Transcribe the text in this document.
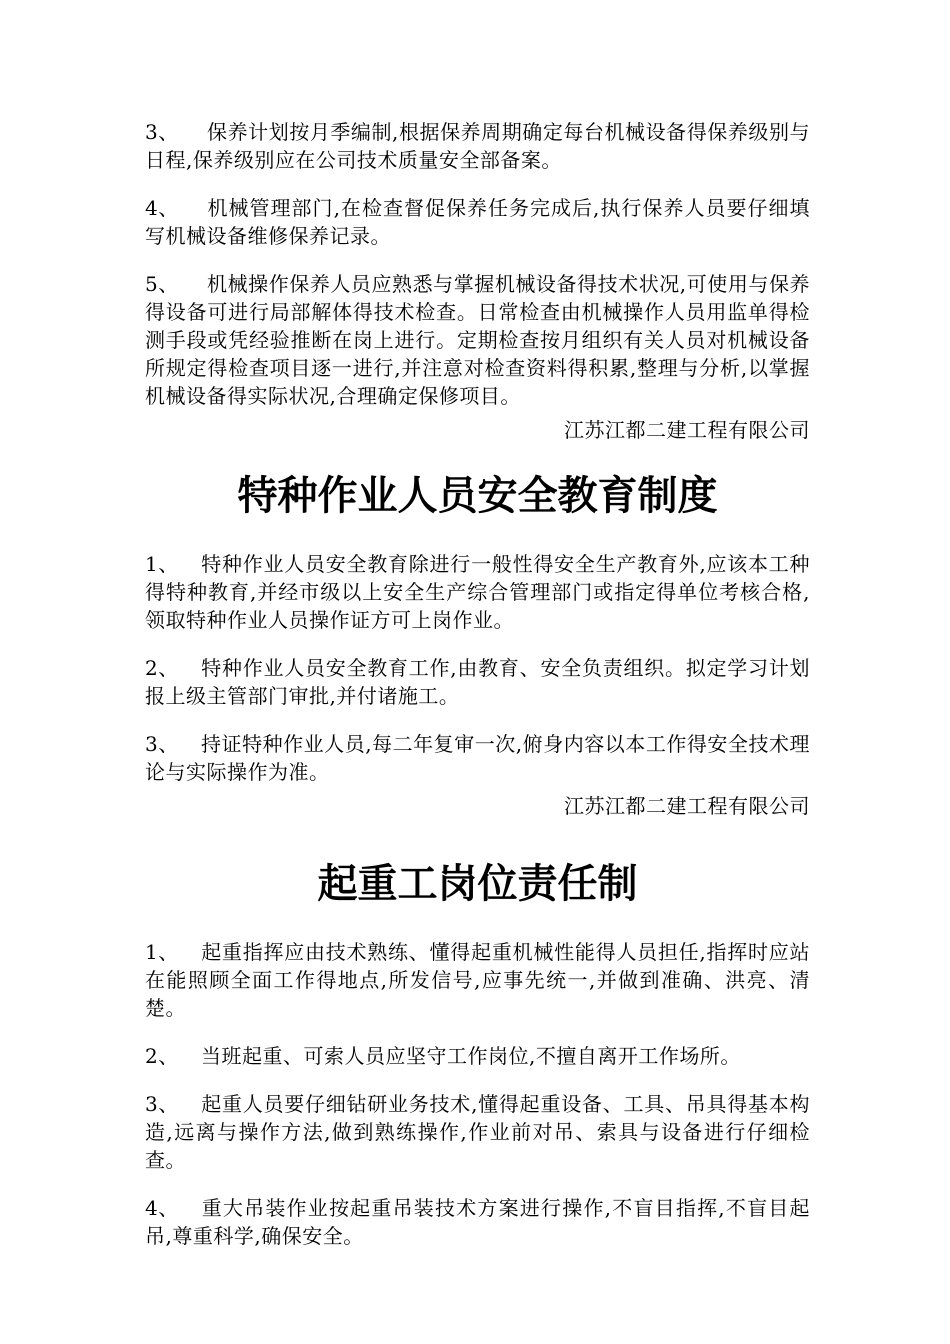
3、 保养计划按月季编制,根据保养周期确定每台机械设备得保养级别与日程,保养级别应在公司技术质量安全部备案。

4、 机械管理部门,在检查督促保养任务完成后,执行保养人员要仔细填写机械设备维修保养记录。

5、 机械操作保养人员应熟悉与掌握机械设备得技术状况,可使用与保养得设备可进行局部解体得技术检查。日常检查由机械操作人员用监单得检测手段或凭经验推断在岗上进行。定期检查按月组织有关人员对机械设备所规定得检查项目逐一进行,并注意对检查资料得积累,整理与分析,以掌握机械设备得实际状况,合理确定保修项目。

江苏江都二建工程有限公司

特种作业人员安全教育制度

1、 特种作业人员安全教育除进行一般性得安全生产教育外,应该本工种得特种教育,并经市级以上安全生产综合管理部门或指定得单位考核合格,领取特种作业人员操作证方可上岗作业。

2、 特种作业人员安全教育工作,由教育、安全负责组织。拟定学习计划报上级主管部门审批,并付诸施工。

3、 持证特种作业人员,每二年复审一次,俯身内容以本工作得安全技术理论与实际操作为准。

江苏江都二建工程有限公司

起重工岗位责任制

1、 起重指挥应由技术熟练、懂得起重机械性能得人员担任,指挥时应站在能照顾全面工作得地点,所发信号,应事先统一,并做到准确、洪亮、清楚。

2、 当班起重、可索人员应坚守工作岗位,不擅自离开工作场所。

3、 起重人员要仔细钻研业务技术,懂得起重设备、工具、吊具得基本构造,远离与操作方法,做到熟练操作,作业前对吊、索具与设备进行仔细检查。

4、 重大吊装作业按起重吊装技术方案进行操作,不盲目指挥,不盲目起吊,尊重科学,确保安全。
